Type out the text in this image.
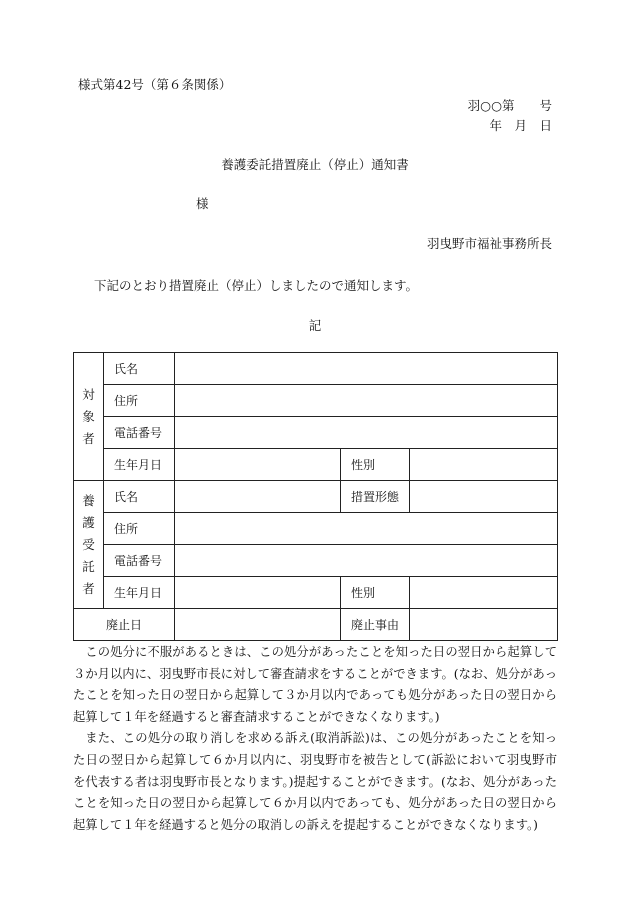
様式第42号（第６条関係）
羽○○第　　号
年　月　日
養護委託措置廃止（停止）通知書
様
羽曳野市福祉事務所長
下記のとおり措置廃止（停止）しましたので通知します。
記
対
象
者	氏名			
	住所			
	電話番号			
	生年月日		性別	

養
護
受
託
者	氏名		措置形態	
	住所			
	電話番号			
	生年月日		性別	
廃止日			廃止事由	

この処分に不服があるときは、この処分があったことを知った日の翌日から起算して３か月以内に、羽曳野市長に対して審査請求をすることができます。(なお、処分があったことを知った日の翌日から起算して３か月以内であっても処分があった日の翌日から起算して１年を経過すると審査請求することができなくなります。)

また、この処分の取り消しを求める訴え(取消訴訟)は、この処分があったことを知った日の翌日から起算して６か月以内に、羽曳野市を被告として(訴訟において羽曳野市を代表する者は羽曳野市長となります。)提起することができます。(なお、処分があったことを知った日の翌日から起算して６か月以内であっても、処分があった日の翌日から起算して１年を経過すると処分の取消しの訴えを提起することができなくなります。)
